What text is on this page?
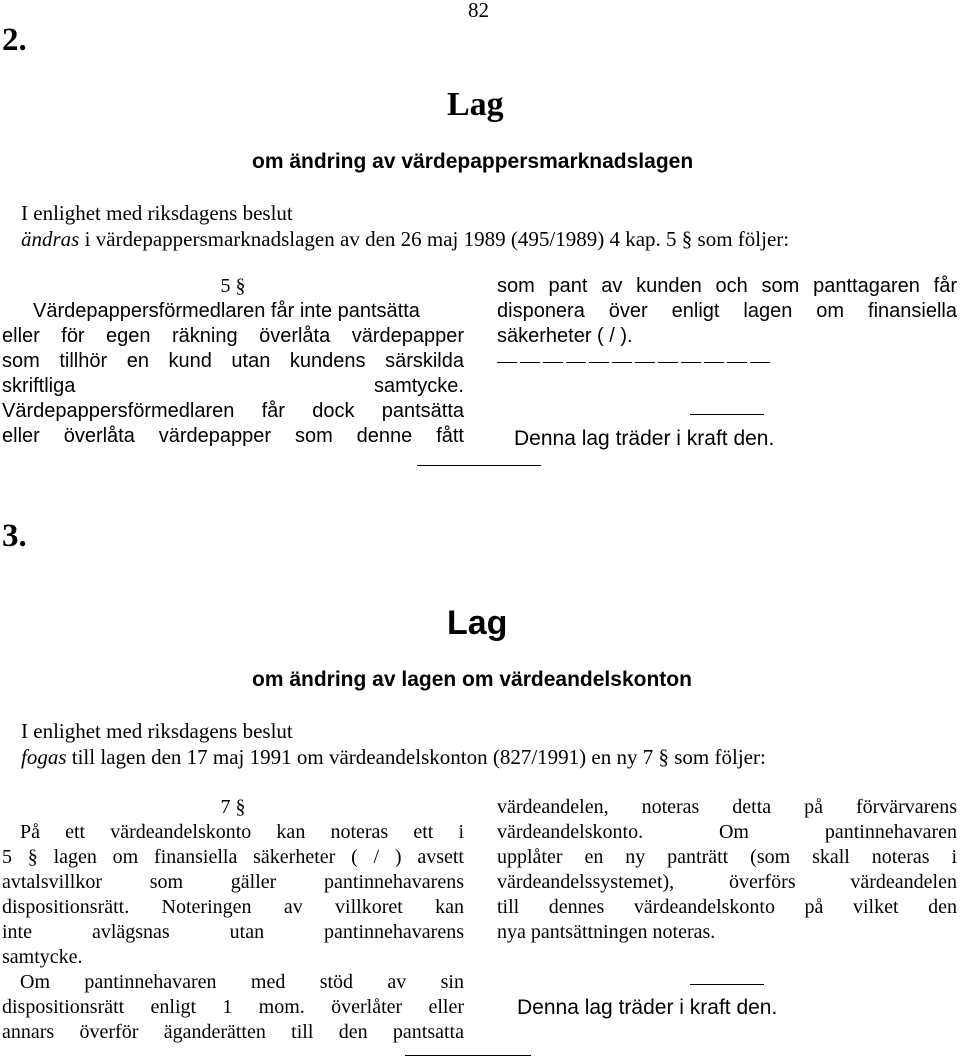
82
2.
Lag
om ändring av värdepappersmarknadslagen
I enlighet med riksdagens beslut
ändras i värdepappersmarknadslagen av den 26 maj 1989 (495/1989) 4 kap. 5 § som följer:
5 §
Värdepappersförmedlaren får inte pantsätta
eller för egen räkning överlåta värdepapper
som tillhör en kund utan kundens särskilda
skriftliga samtycke.
Värdepappersförmedlaren får dock pantsätta
eller överlåta värdepapper som denne fått
som pant av kunden och som panttagaren får
disponera över enligt lagen om finansiella
säkerheter ( / ).
— — — — — — — — — — — —
Denna lag träder i kraft den.
3.
Lag
om ändring av lagen om värdeandelskonton
I enlighet med riksdagens beslut
fogas till lagen den 17 maj 1991 om värdeandelskonton (827/1991) en ny 7 § som följer:
7 §
På ett värdeandelskonto kan noteras ett i
5 § lagen om finansiella säkerheter ( / ) avsett
avtalsvillkor som gäller pantinnehavarens
dispositionsrätt. Noteringen av villkoret kan
inte avlägsnas utan pantinnehavarens
samtycke.
Om pantinnehavaren med stöd av sin
dispositionsrätt enligt 1 mom. överlåter eller
annars överför äganderätten till den pantsatta
värdeandelen, noteras detta på förvärvarens
värdeandelskonto. Om pantinnehavaren
upplåter en ny panträtt (som skall noteras i
värdeandelssystemet), överförs värdeandelen
till dennes värdeandelskonto på vilket den
nya pantsättningen noteras.
Denna lag träder i kraft den.
